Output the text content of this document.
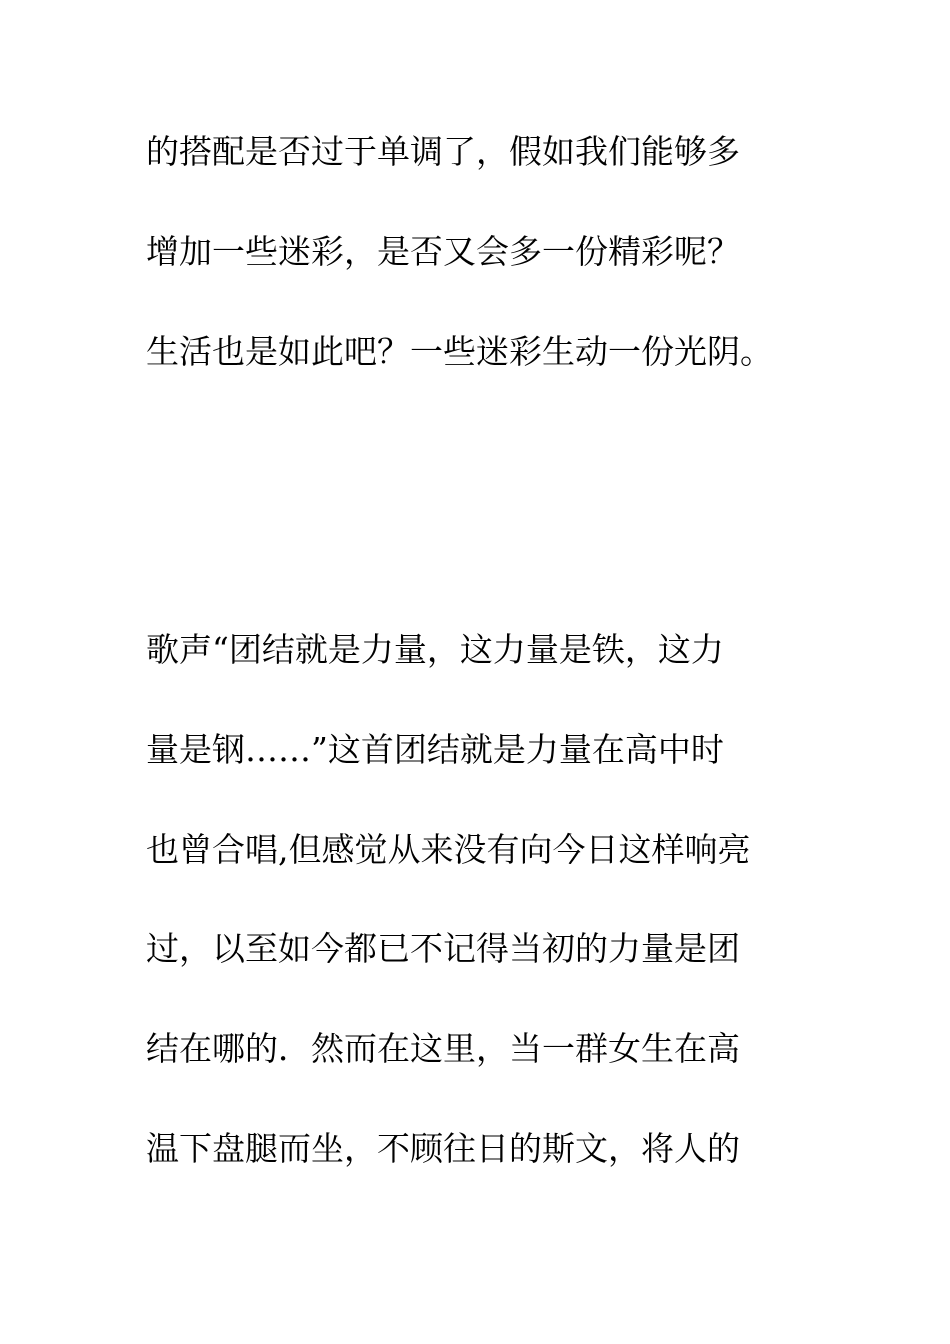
的搭配是否过于单调了，假如我们能够多

增加一些迷彩，是否又会多一份精彩呢？

生活也是如此吧？一些迷彩生动一份光阴。

歌声“团结就是力量，这力量是铁，这力

量是钢……”这首团结就是力量在高中时

也曾合唱,但感觉从来没有向今日这样响亮

过，以至如今都已不记得当初的力量是团

结在哪的．然而在这里，当一群女生在高

温下盘腿而坐，不顾往日的斯文，将人的
